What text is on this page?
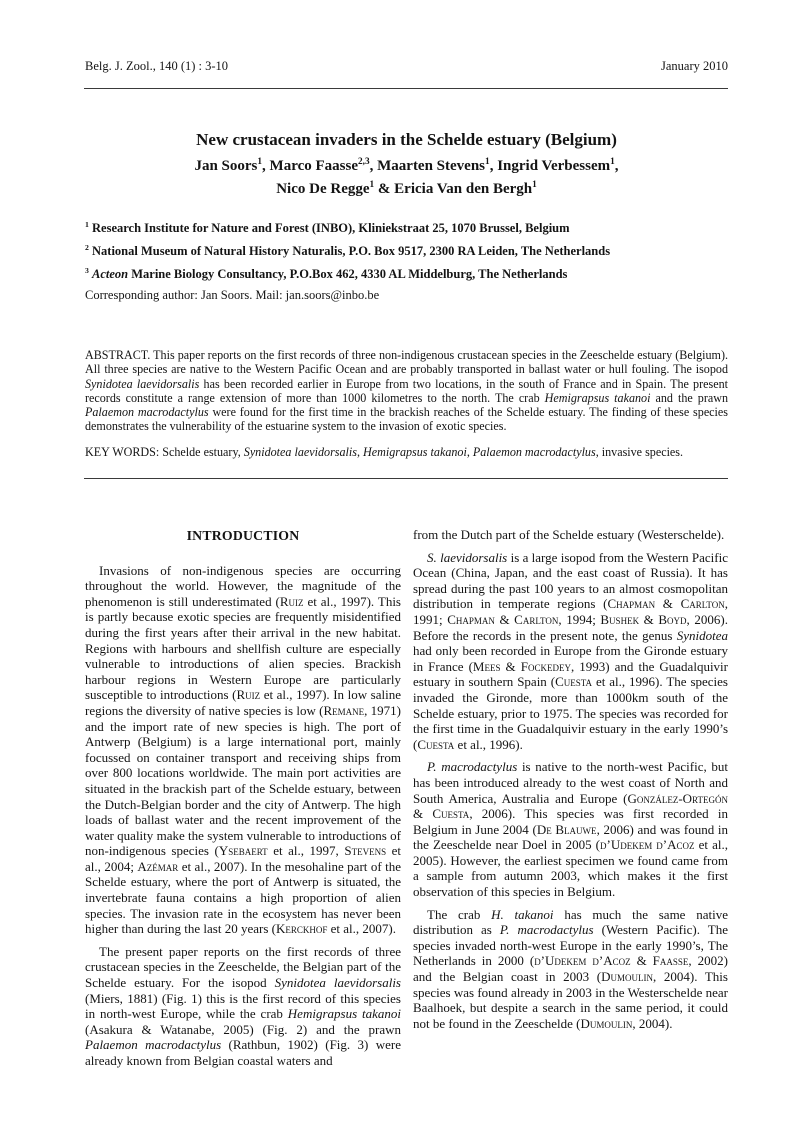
Belg. J. Zool., 140 (1) : 3-10	January 2010
New crustacean invaders in the Schelde estuary (Belgium)
Jan Soors$^1$, Marco Faasse$^{2,3}$, Maarten Stevens$^1$, Ingrid Verbessem$^1$,
Nico De Regge$^1$ & Ericia Van den Bergh$^1$
$^1$ Research Institute for Nature and Forest (INBO), Kliniekstraat 25, 1070 Brussel, Belgium
$^2$ National Museum of Natural History Naturalis, P.O. Box 9517, 2300 RA Leiden, The Netherlands
$^3$ Acteon Marine Biology Consultancy, P.O.Box 462, 4330 AL Middelburg, The Netherlands
Corresponding author: Jan Soors. Mail: jan.soors@inbo.be
ABSTRACT. This paper reports on the first records of three non-indigenous crustacean species in the Zeeschelde estuary (Belgium). All three species are native to the Western Pacific Ocean and are probably transported in ballast water or hull fouling. The isopod Synidotea laevidorsalis has been recorded earlier in Europe from two locations, in the south of France and in Spain. The present records constitute a range extension of more than 1000 kilometres to the north. The crab Hemigrapsus takanoi and the prawn Palaemon macrodactylus were found for the first time in the brackish reaches of the Schelde estuary. The finding of these species demonstrates the vulnerability of the estuarine system to the invasion of exotic species.
KEY WORDS: Schelde estuary, Synidotea laevidorsalis, Hemigrapsus takanoi, Palaemon macrodactylus, invasive species.
INTRODUCTION

Invasions of non-indigenous species are occurring throughout the world. However, the magnitude of the phenomenon is still underestimated (Ruiz et al., 1997). This is partly because exotic species are frequently misidentified during the first years after their arrival in the new habitat. Regions with harbours and shellfish culture are especially vulnerable to introductions of alien species. Brackish harbour regions in Western Europe are particularly susceptible to introductions (Ruiz et al., 1997). In low saline regions the diversity of native species is low (Remane, 1971) and the import rate of new species is high. The port of Antwerp (Belgium) is a large international port, mainly focussed on container transport and receiving ships from over 800 locations worldwide. The main port activities are situated in the brackish part of the Schelde estuary, between the Dutch-Belgian border and the city of Antwerp. The high loads of ballast water and the recent improvement of the water quality make the system vulnerable to introductions of non-indigenous species (Ysebaert et al., 1997, Stevens et al., 2004; Azémar et al., 2007). In the mesohaline part of the Schelde estuary, where the port of Antwerp is situated, the invertebrate fauna contains a high proportion of alien species. The invasion rate in the ecosystem has never been higher than during the last 20 years (Kerckhof et al., 2007).

The present paper reports on the first records of three crustacean species in the Zeeschelde, the Belgian part of the Schelde estuary. For the isopod Synidotea laevidorsalis (Miers, 1881) (Fig. 1) this is the first record of this species in north-west Europe, while the crab Hemigrapsus takanoi (Asakura & Watanabe, 2005) (Fig. 2) and the prawn Palaemon macrodactylus (Rathbun, 1902) (Fig. 3) were already known from Belgian coastal waters and

from the Dutch part of the Schelde estuary (Westerschelde).

S. laevidorsalis is a large isopod from the Western Pacific Ocean (China, Japan, and the east coast of Russia). It has spread during the past 100 years to an almost cosmopolitan distribution in temperate regions (Chapman & Carlton, 1991; Chapman & Carlton, 1994; Bushek & Boyd, 2006). Before the records in the present note, the genus Synidotea had only been recorded in Europe from the Gironde estuary in France (Mees & Fockedey, 1993) and the Guadalquivir estuary in southern Spain (Cuesta et al., 1996). The species invaded the Gironde, more than 1000km south of the Schelde estuary, prior to 1975. The species was recorded for the first time in the Guadalquivir estuary in the early 1990’s (Cuesta et al., 1996).

P. macrodactylus is native to the north-west Pacific, but has been introduced already to the west coast of North and South America, Australia and Europe (González-Ortegón & Cuesta, 2006). This species was first recorded in Belgium in June 2004 (De Blauwe, 2006) and was found in the Zeeschelde near Doel in 2005 (d’Udekem d’Acoz et al., 2005). However, the earliest specimen we found came from a sample from autumn 2003, which makes it the first observation of this species in Belgium.

The crab H. takanoi has much the same native distribution as P. macrodactylus (Western Pacific). The species invaded north-west Europe in the early 1990’s, The Netherlands in 2000 (d’Udekem d’Acoz & Faasse, 2002) and the Belgian coast in 2003 (Dumoulin, 2004). This species was found already in 2003 in the Westerschelde near Baalhoek, but despite a search in the same period, it could not be found in the Zeeschelde (Dumoulin, 2004).
